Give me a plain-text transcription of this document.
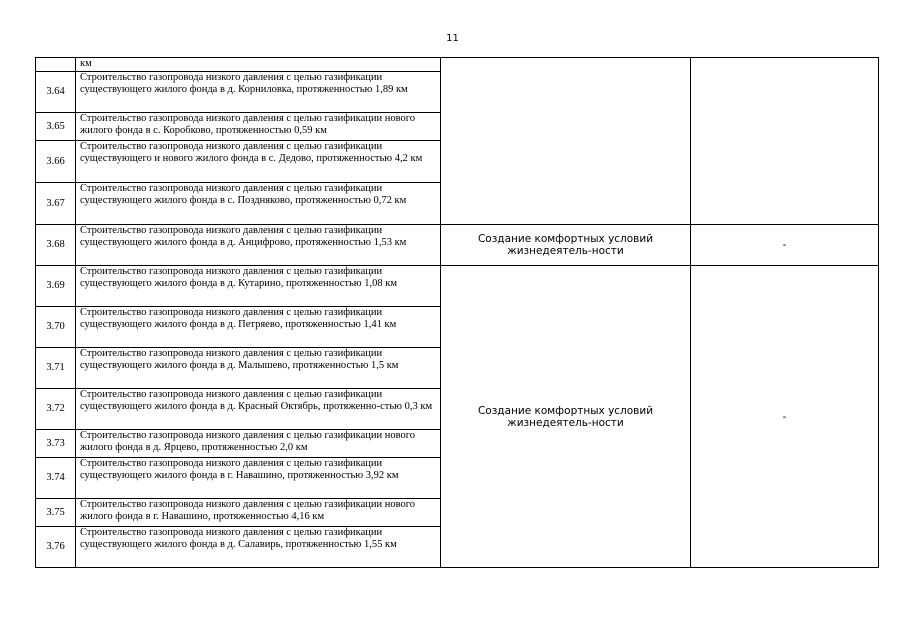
11
	км		
3.64	Строительство газопровода низкого давления с целью газификации существующего жилого фонда в д. Корниловка, протяженностью 1,89 км		
3.65	Строительство газопровода низкого давления с целью газификации нового жилого фонда в с. Коробково, протяженностью 0,59 км		
3.66	Строительство газопровода низкого давления с целью газификации существующего и нового жилого фонда в с. Дедово, протяженностью 4,2 км		
3.67	Строительство газопровода низкого давления с целью газификации существующего жилого фонда в с. Поздняково, протяженностью 0,72 км		
3.68	Строительство газопровода низкого давления с целью газификации существующего жилого фонда в д. Анцифрово, протяженностью 1,53 км	Создание комфортных условий жизнедеятель-ности	-
3.69	Строительство газопровода низкого давления с целью газификации существующего жилого фонда в д. Кутарино, протяженностью 1,08 км	Создание комфортных условий жизнедеятель-ности	-
3.70	Строительство газопровода низкого давления с целью газификации существующего жилого фонда в д. Петряево, протяженностью 1,41 км		
3.71	Строительство газопровода низкого давления с целью газификации существующего жилого фонда в д. Малышево, протяженностью 1,5 км		
3.72	Строительство газопровода низкого давления с целью газификации существующего жилого фонда в д. Красный Октябрь, протяженно-стью 0,3 км		
3.73	Строительство газопровода низкого давления с целью газификации нового жилого фонда в д. Ярцево, протяженностью 2,0 км		
3.74	Строительство газопровода низкого давления с целью газификации существующего жилого фонда в г. Навашино, протяженностью 3,92 км		
3.75	Строительство газопровода низкого давления с целью газификации нового жилого фонда в г. Навашино, протяженностью 4,16 км		
3.76	Строительство газопровода низкого давления с целью газификации существующего жилого фонда в д. Салавирь, протяженностью 1,55 км		
